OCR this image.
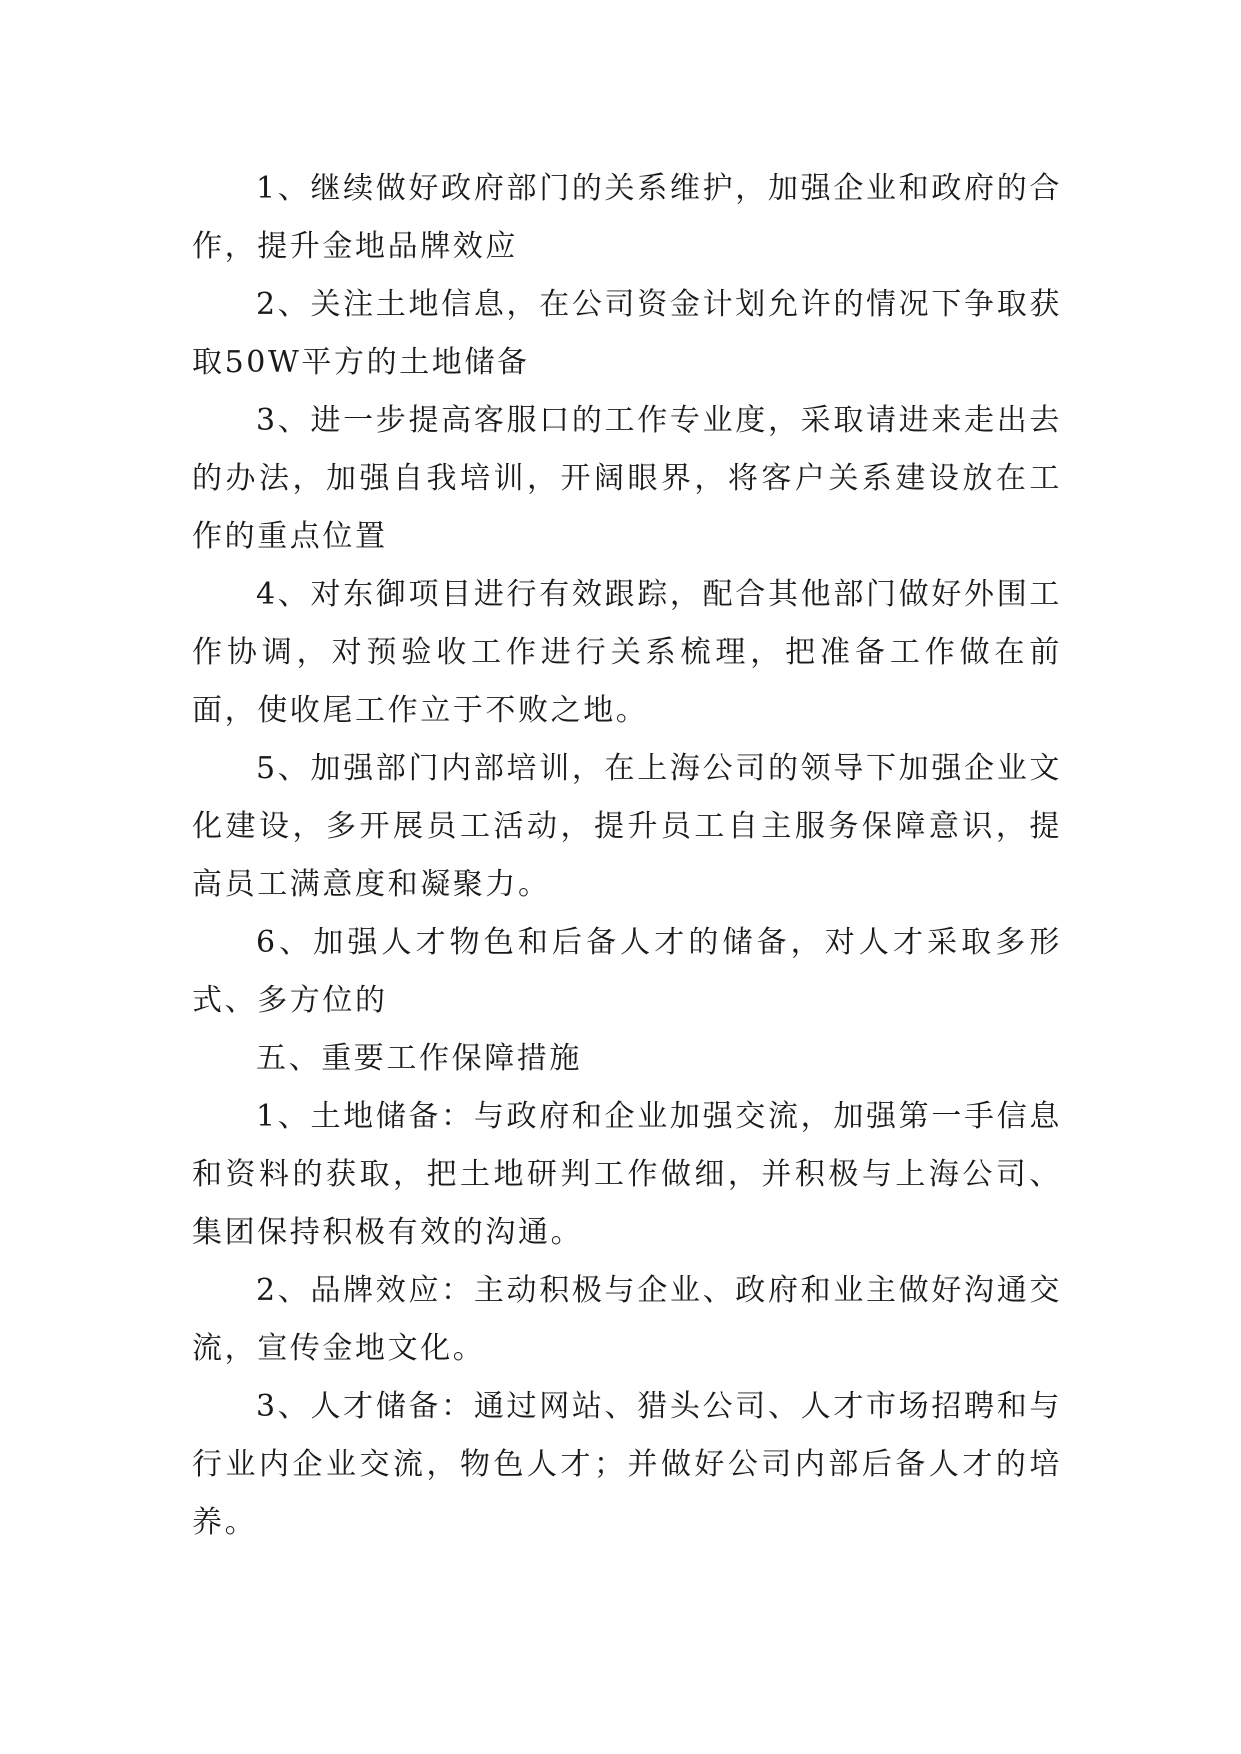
1、继续做好政府部门的关系维护，加强企业和政府的合作，提升金地品牌效应

2、关注土地信息，在公司资金计划允许的情况下争取获取50W平方的土地储备

3、进一步提高客服口的工作专业度，采取请进来走出去的办法，加强自我培训，开阔眼界，将客户关系建设放在工作的重点位置

4、对东御项目进行有效跟踪，配合其他部门做好外围工作协调，对预验收工作进行关系梳理，把准备工作做在前面，使收尾工作立于不败之地。

5、加强部门内部培训，在上海公司的领导下加强企业文化建设，多开展员工活动，提升员工自主服务保障意识，提高员工满意度和凝聚力。

6、加强人才物色和后备人才的储备，对人才采取多形式、多方位的

五、重要工作保障措施

1、土地储备：与政府和企业加强交流，加强第一手信息和资料的获取，把土地研判工作做细，并积极与上海公司、集团保持积极有效的沟通。

2、品牌效应：主动积极与企业、政府和业主做好沟通交流，宣传金地文化。

3、人才储备：通过网站、猎头公司、人才市场招聘和与行业内企业交流，物色人才；并做好公司内部后备人才的培养。
